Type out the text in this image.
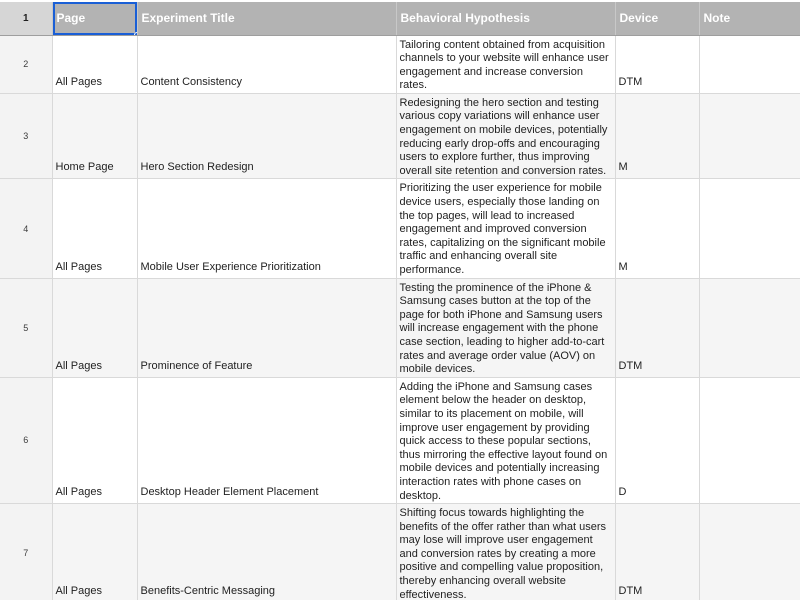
1	Page	Experiment Title	Behavioral Hypothesis	Device	Note
2	All Pages	Content Consistency	Tailoring content obtained from acquisition channels to your website will enhance user engagement and increase conversion rates.	DTM	
3	Home Page	Hero Section Redesign	Redesigning the hero section and testing various copy variations will enhance user engagement on mobile devices, potentially reducing early drop-offs and encouraging users to explore further, thus improving overall site retention and conversion rates.	M	
4	All Pages	Mobile User Experience Prioritization	Prioritizing the user experience for mobile device users, especially those landing on the top pages, will lead to increased engagement and improved conversion rates, capitalizing on the significant mobile traffic and enhancing overall site performance.	M	
5	All Pages	Prominence of Feature	Testing the prominence of the iPhone & Samsung cases button at the top of the page for both iPhone and Samsung users will increase engagement with the phone case section, leading to higher add-to-cart rates and average order value (AOV) on mobile devices.	DTM	
6	All Pages	Desktop Header Element Placement	Adding the iPhone and Samsung cases element below the header on desktop, similar to its placement on mobile, will improve user engagement by providing quick access to these popular sections, thus mirroring the effective layout found on mobile devices and potentially increasing interaction rates with phone cases on desktop.	D	
7	All Pages	Benefits-Centric Messaging	Shifting focus towards highlighting the benefits of the offer rather than what users may lose will improve user engagement and conversion rates by creating a more positive and compelling value proposition, thereby enhancing overall website effectiveness.	DTM	
